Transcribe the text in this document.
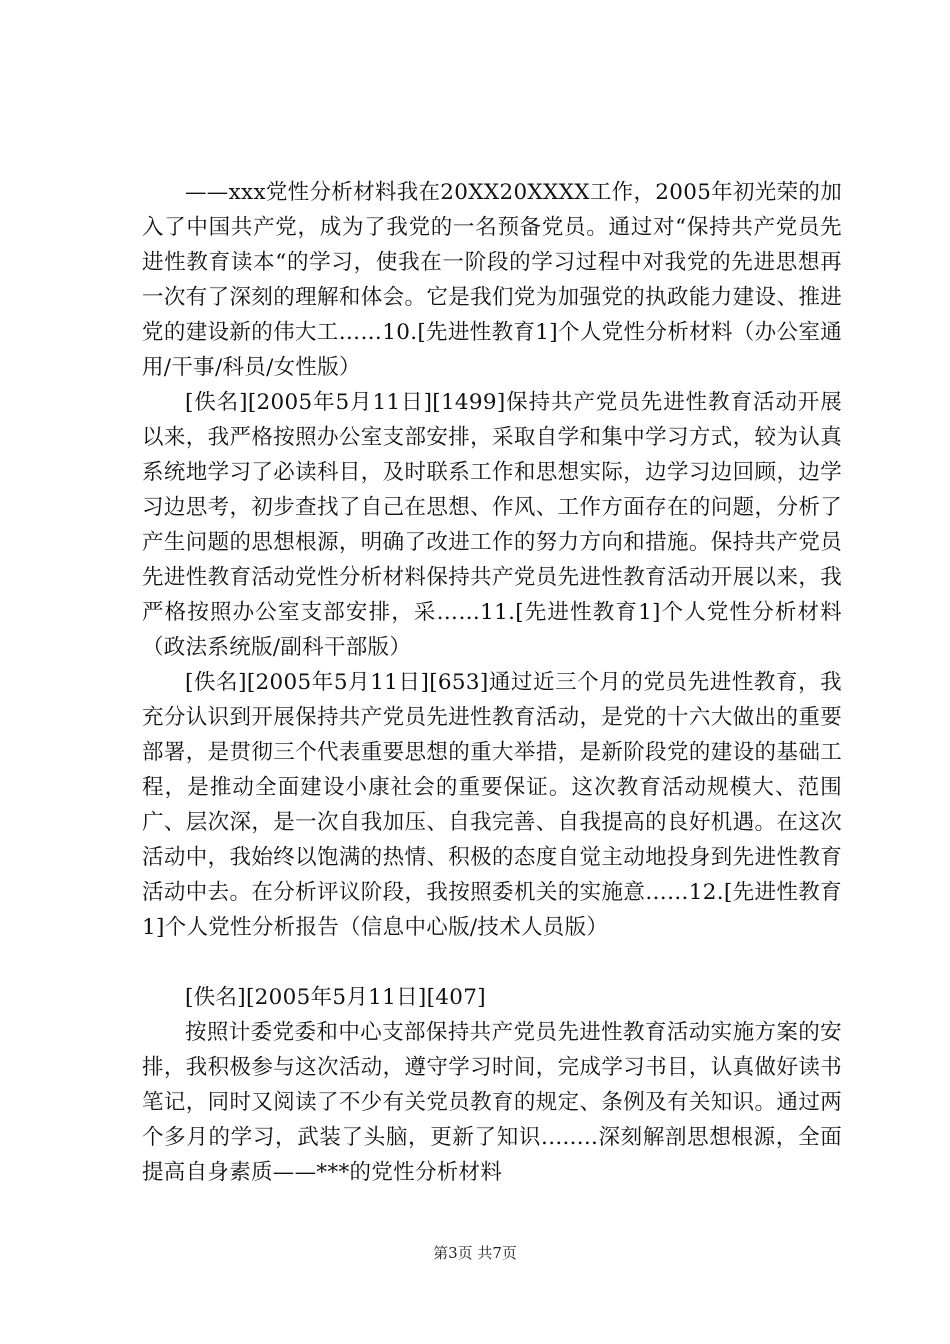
——xxx党性分析材料我在20XX20XXXX工作，2005年初光荣的加入了中国共产党，成为了我党的一名预备党员。通过对“保持共产党员先进性教育读本“的学习，使我在一阶段的学习过程中对我党的先进思想再一次有了深刻的理解和体会。它是我们党为加强党的执政能力建设、推进党的建设新的伟大工……10.[先进性教育1]个人党性分析材料（办公室通用/干事/科员/女性版）

[佚名][2005年5月11日][1499]保持共产党员先进性教育活动开展以来，我严格按照办公室支部安排，采取自学和集中学习方式，较为认真系统地学习了必读科目，及时联系工作和思想实际，边学习边回顾，边学习边思考，初步查找了自己在思想、作风、工作方面存在的问题，分析了产生问题的思想根源，明确了改进工作的努力方向和措施。保持共产党员先进性教育活动党性分析材料保持共产党员先进性教育活动开展以来，我严格按照办公室支部安排，采……11.[先进性教育1]个人党性分析材料（政法系统版/副科干部版）

[佚名][2005年5月11日][653]通过近三个月的党员先进性教育，我充分认识到开展保持共产党员先进性教育活动，是党的十六大做出的重要部署，是贯彻三个代表重要思想的重大举措，是新阶段党的建设的基础工程，是推动全面建设小康社会的重要保证。这次教育活动规模大、范围广、层次深，是一次自我加压、自我完善、自我提高的良好机遇。在这次活动中，我始终以饱满的热情、积极的态度自觉主动地投身到先进性教育活动中去。在分析评议阶段，我按照委机关的实施意……12.[先进性教育1]个人党性分析报告（信息中心版/技术人员版）

[佚名][2005年5月11日][407]

按照计委党委和中心支部保持共产党员先进性教育活动实施方案的安排，我积极参与这次活动，遵守学习时间，完成学习书目，认真做好读书笔记，同时又阅读了不少有关党员教育的规定、条例及有关知识。通过两个多月的学习，武装了头脑，更新了知识........深刻解剖思想根源，全面提高自身素质——***的党性分析材料

第3页 共7页
